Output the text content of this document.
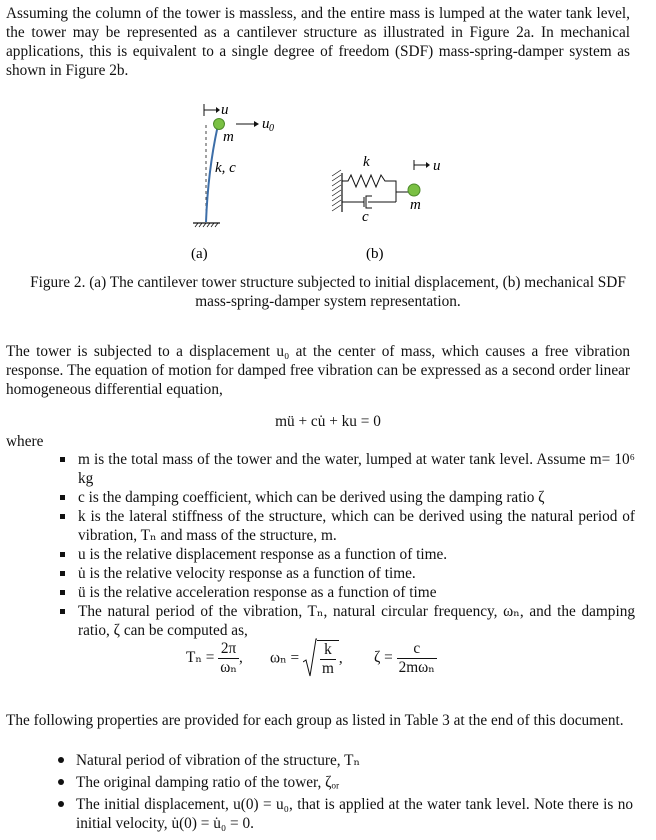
Assuming the column of the tower is massless, and the entire mass is lumped at the water tank level, the tower may be represented as a cantilever structure as illustrated in Figure 2a. In mechanical applications, this is equivalent to a single degree of freedom (SDF) mass-spring-damper system as shown in Figure 2b.

u
m
u 0
k, c
(a)
k
c
u
m
(b)
Figure 2. (a) The cantilever tower structure subjected to initial displacement, (b) mechanical SDF
mass-spring-damper system representation.

The tower is subjected to a displacement u₀ at the center of mass, which causes a free vibration response. The equation of motion for damped free vibration can be expressed as a second order linear homogeneous differential equation,

mü + cu̇ + ku = 0
where
m is the total mass of the tower and the water, lumped at water tank level. Assume m= 10⁶ kg
c is the damping coefficient, which can be derived using the damping ratio ζ
k is the lateral stiffness of the structure, which can be derived using the natural period of vibration, Tₙ and mass of the structure, m.
u is the relative displacement response as a function of time.
u̇ is the relative velocity response as a function of time.
ü is the relative acceleration response as a function of time
The natural period of the vibration, Tₙ, natural circular frequency, ωₙ, and the damping ratio, ζ can be computed as,
$T_n = \frac{2\pi}{\text{ωₙ}}$ , $\omega_n = \frac{k}{m}$ , $\zeta = \frac{c}{\text{2mωₙ}}$

The following properties are provided for each group as listed in Table 3 at the end of this document.

Natural period of vibration of the structure, Tₙ
The original damping ratio of the tower, ζₒᵣ
The initial displacement, u(0) = u₀, that is applied at the water tank level. Note there is no initial velocity, u̇(0) = u̇₀ = 0.
